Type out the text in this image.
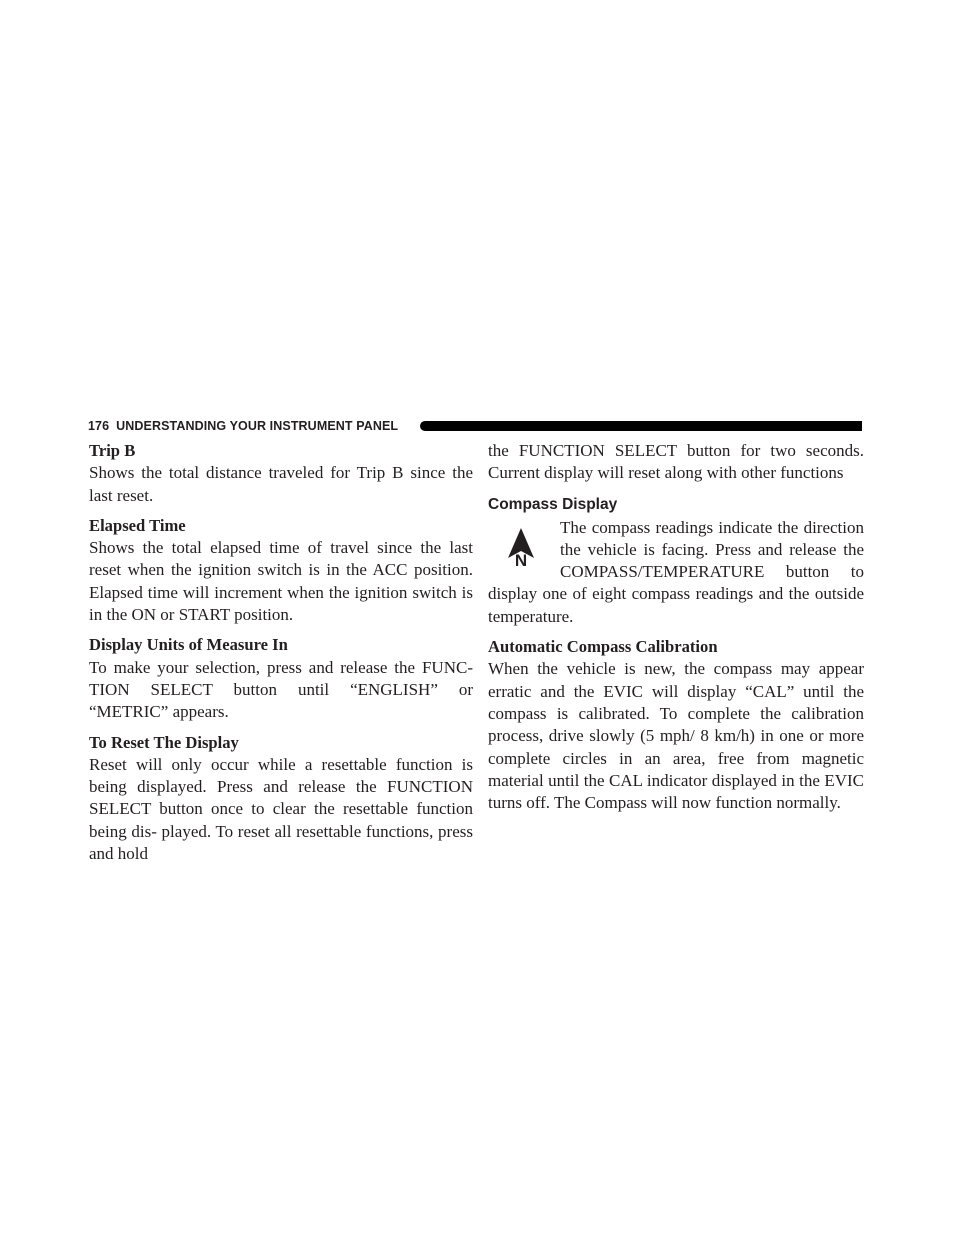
176 UNDERSTANDING YOUR INSTRUMENT PANEL
Trip B
Shows the total distance traveled for Trip B since the last reset.
Elapsed Time
Shows the total elapsed time of travel since the last reset when the ignition switch is in the ACC position. Elapsed time will increment when the ignition switch is in the ON or START position.
Display Units of Measure In
To make your selection, press and release the FUNC- TION SELECT button until “ENGLISH” or “METRIC” appears.
To Reset The Display
Reset will only occur while a resettable function is being displayed. Press and release the FUNCTION SELECT button once to clear the resettable function being dis- played. To reset all resettable functions, press and hold
the FUNCTION SELECT button for two seconds. Current display will reset along with other functions
Compass Display
N
The compass readings indicate the direction the vehicle is facing. Press and release the COMPASS/TEMPERATURE button to display one of eight compass readings and the outside temperature.
Automatic Compass Calibration
When the vehicle is new, the compass may appear erratic and the EVIC will display “CAL” until the compass is calibrated. To complete the calibration process, drive slowly (5 mph/ 8 km/h) in one or more complete circles in an area, free from magnetic material until the CAL indicator displayed in the EVIC turns off. The Compass will now function normally.
